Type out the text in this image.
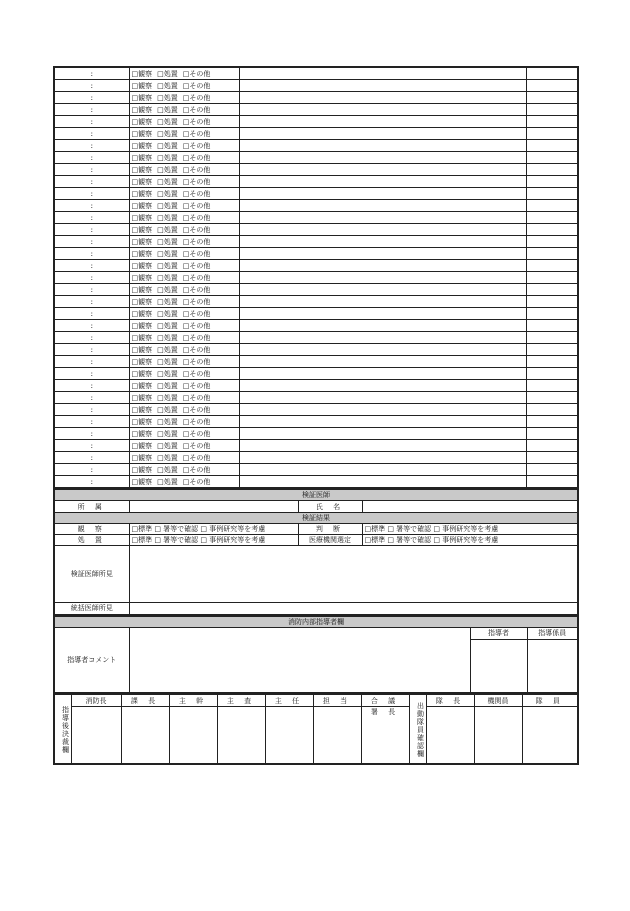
:	□観察 □処置 □その他		
:	□観察 □処置 □その他		
:	□観察 □処置 □その他		
:	□観察 □処置 □その他		
:	□観察 □処置 □その他		
:	□観察 □処置 □その他		
:	□観察 □処置 □その他		
:	□観察 □処置 □その他		
:	□観察 □処置 □その他		
:	□観察 □処置 □その他		
:	□観察 □処置 □その他		
:	□観察 □処置 □その他		
:	□観察 □処置 □その他		
:	□観察 □処置 □その他		
:	□観察 □処置 □その他		
:	□観察 □処置 □その他		
:	□観察 □処置 □その他		
:	□観察 □処置 □その他		
:	□観察 □処置 □その他		
:	□観察 □処置 □その他		
:	□観察 □処置 □その他		
:	□観察 □処置 □その他		
:	□観察 □処置 □その他		
:	□観察 □処置 □その他		
:	□観察 □処置 □その他		
:	□観察 □処置 □その他		
:	□観察 □処置 □その他		
:	□観察 □処置 □その他		
:	□観察 □処置 □その他		
:	□観察 □処置 □その他		
:	□観察 □処置 □その他		
:	□観察 □処置 □その他		
:	□観察 □処置 □その他		
:	□観察 □処置 □その他		
:	□観察 □処置 □その他		
検証医師			
所 属		氏 名	
検証結果			
観 察	□標準 □ 署等で確認 □ 事例研究等を考慮	判 断	□標準 □ 署等で確認 □ 事例研究等を考慮
処 置	□標準 □ 署等で確認 □ 事例研究等を考慮	医療機関選定	□標準 □ 署等で確認 □ 事例研究等を考慮
検証医師所見			
統括医師所見			
消防内部指導者欄			
指導者コメント		指導者	指導係員

指導後決裁欄	消防長	課 長	主 幹	主 査	主 任	担 当	合 議	出動隊員確認欄	隊 長	機関員	隊 員
							署 長				
